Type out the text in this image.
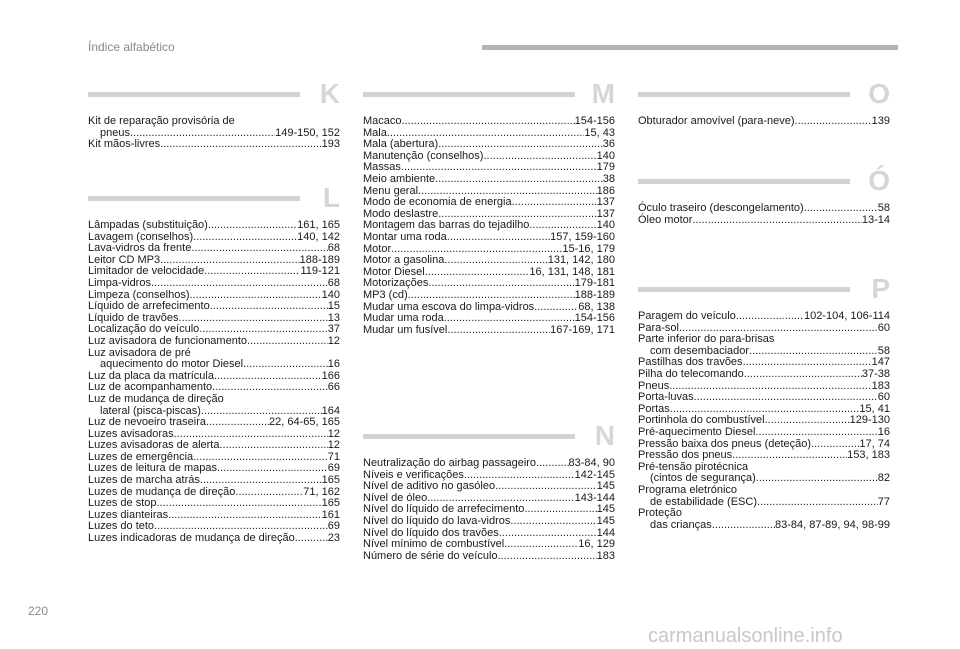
Índice alfabético
K
Kit de reparação provisória de
pneus .....	149-150, 152
Kit mãos-livres .....	193
L
Lâmpadas (substituição) .....	161, 165
Lavagem (conselhos) .....	140, 142
Lava-vidros da frente .....	68
Leitor CD MP3 .....	188-189
Limitador de velocidade .....	119-121
Limpa-vidros .....	68
Limpeza (conselhos) .....	140
Líquido de arrefecimento .....	15
Líquido de travões .....	13
Localização do veículo .....	37
Luz avisadora de funcionamento .....	12
Luz avisadora de pré
aquecimento do motor Diesel .....	16
Luz da placa da matrícula .....	166
Luz de acompanhamento .....	66
Luz de mudança de direção
lateral (pisca-piscas) .....	164
Luz de nevoeiro traseira .....	22, 64-65, 165
Luzes avisadoras .....	12
Luzes avisadoras de alerta .....	12
Luzes de emergência .....	71
Luzes de leitura de mapas .....	69
Luzes de marcha atrás .....	165
Luzes de mudança de direção .....	71, 162
Luzes de stop .....	165
Luzes dianteiras .....	161
Luzes do teto .....	69
Luzes indicadoras de mudança de direção .....	23
M
Macaco .....	154-156
Mala .....	15, 43
Mala (abertura) .....	36
Manutenção (conselhos) .....	140
Massas .....	179
Meio ambiente .....	38
Menu geral .....	186
Modo de economia de energia .....	137
Modo deslastre .....	137
Montagem das barras do tejadilho .....	140
Montar uma roda .....	157, 159-160
Motor .....	15-16, 179
Motor a gasolina .....	131, 142, 180
Motor Diesel .....	16, 131, 148, 181
Motorizações .....	179-181
MP3 (cd) .....	188-189
Mudar uma escova do limpa-vidros .....	68, 138
Mudar uma roda .....	154-156
Mudar um fusível .....	167-169, 171
N
Neutralização do airbag passageiro .....	83-84, 90
Níveis e verificações .....	142-145
Nível de aditivo no gasóleo .....	145
Nível de óleo .....	143-144
Nível do líquido de arrefecimento .....	145
Nível do líquido do lava-vidros .....	145
Nível do líquido dos travões .....	144
Nível mínimo de combustível .....	16, 129
Número de série do veículo .....	183
O
Obturador amovível (para-neve) .....	139
Ó
Óculo traseiro (descongelamento) .....	58
Óleo motor .....	13-14
P
Paragem do veículo .....	102-104, 106-114
Para-sol .....	60
Parte inferior do para-brisas
com desembaciador .....	58
Pastilhas dos travões .....	147
Pilha do telecomando .....	37-38
Pneus .....	183
Porta-luvas .....	60
Portas .....	15, 41
Portinhola do combustível .....	129-130
Pré-aquecimento Diesel .....	16
Pressão baixa dos pneus (deteção) .....	17, 74
Pressão dos pneus .....	153, 183
Pré-tensão pirotécnica
(cintos de segurança) .....	82
Programa eletrónico
de estabilidade (ESC) .....	77
Proteção
das crianças .....	83-84, 87-89, 94, 98-99
220
carmanualsonline.info
